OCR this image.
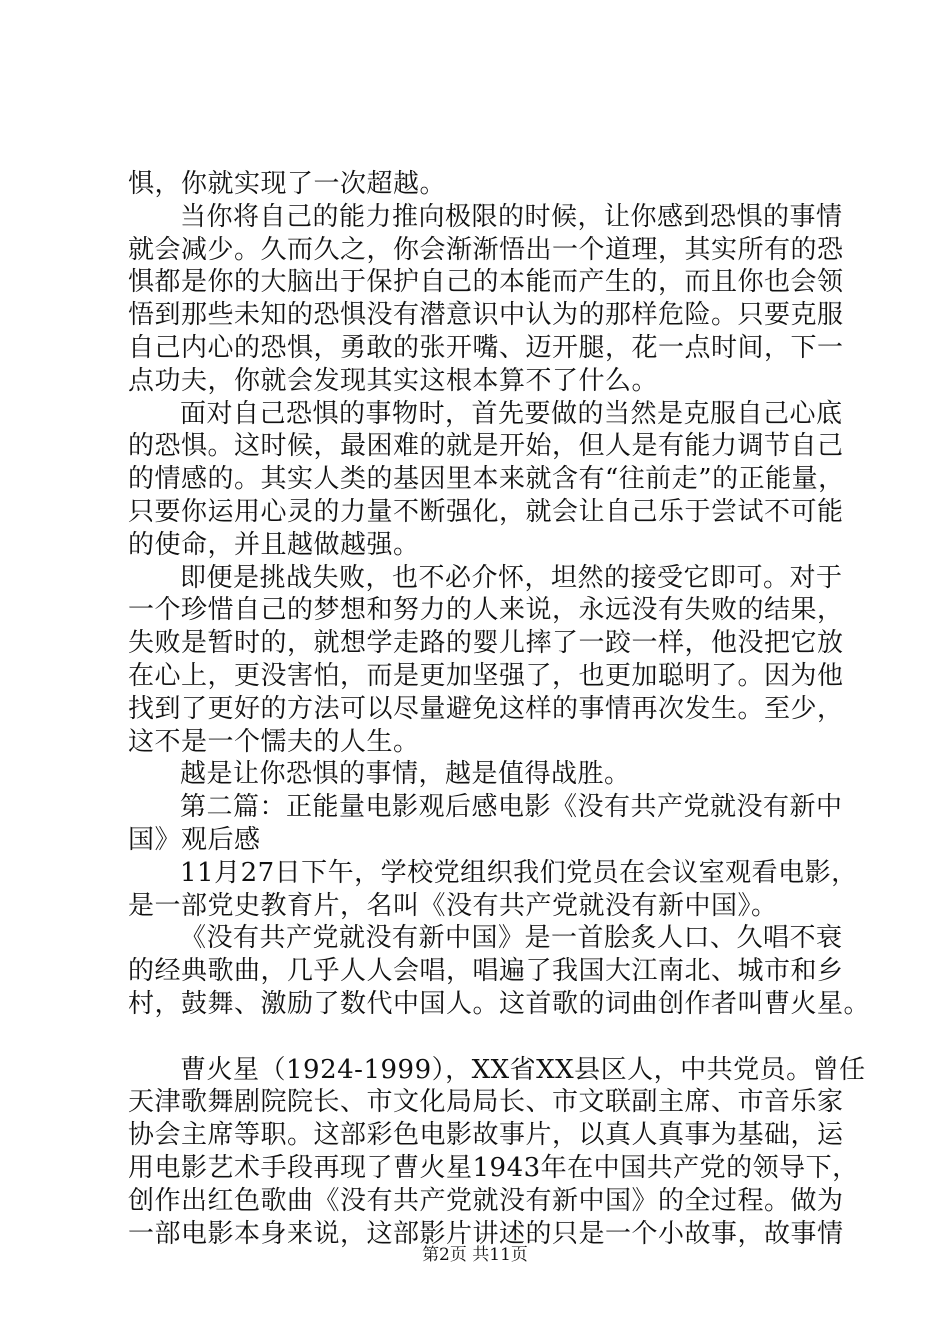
惧，你就实现了一次超越。
当你将自己的能力推向极限的时候，让你感到恐惧的事情
就会减少。久而久之，你会渐渐悟出一个道理，其实所有的恐
惧都是你的大脑出于保护自己的本能而产生的，而且你也会领
悟到那些未知的恐惧没有潜意识中认为的那样危险。只要克服
自己内心的恐惧，勇敢的张开嘴、迈开腿，花一点时间，下一
点功夫，你就会发现其实这根本算不了什么。
面对自己恐惧的事物时，首先要做的当然是克服自己心底
的恐惧。这时候，最困难的就是开始，但人是有能力调节自己
的情感的。其实人类的基因里本来就含有“往前走”的正能量，
只要你运用心灵的力量不断强化，就会让自己乐于尝试不可能
的使命，并且越做越强。
即便是挑战失败，也不必介怀，坦然的接受它即可。对于
一个珍惜自己的梦想和努力的人来说，永远没有失败的结果，
失败是暂时的，就想学走路的婴儿摔了一跤一样，他没把它放
在心上，更没害怕，而是更加坚强了，也更加聪明了。因为他
找到了更好的方法可以尽量避免这样的事情再次发生。至少，
这不是一个懦夫的人生。
越是让你恐惧的事情，越是值得战胜。
第二篇：正能量电影观后感电影《没有共产党就没有新中
国》观后感
11月27日下午，学校党组织我们党员在会议室观看电影，
是一部党史教育片，名叫《没有共产党就没有新中国》。
《没有共产党就没有新中国》是一首脍炙人口、久唱不衰
的经典歌曲，几乎人人会唱，唱遍了我国大江南北、城市和乡
村，鼓舞、激励了数代中国人。这首歌的词曲创作者叫曹火星。
曹火星（1924-1999），XX省XX县区人，中共党员。曾任
天津歌舞剧院院长、市文化局局长、市文联副主席、市音乐家
协会主席等职。这部彩色电影故事片，以真人真事为基础，运
用电影艺术手段再现了曹火星1943年在中国共产党的领导下，
创作出红色歌曲《没有共产党就没有新中国》的全过程。做为
一部电影本身来说，这部影片讲述的只是一个小故事，故事情
第2页 共11页
